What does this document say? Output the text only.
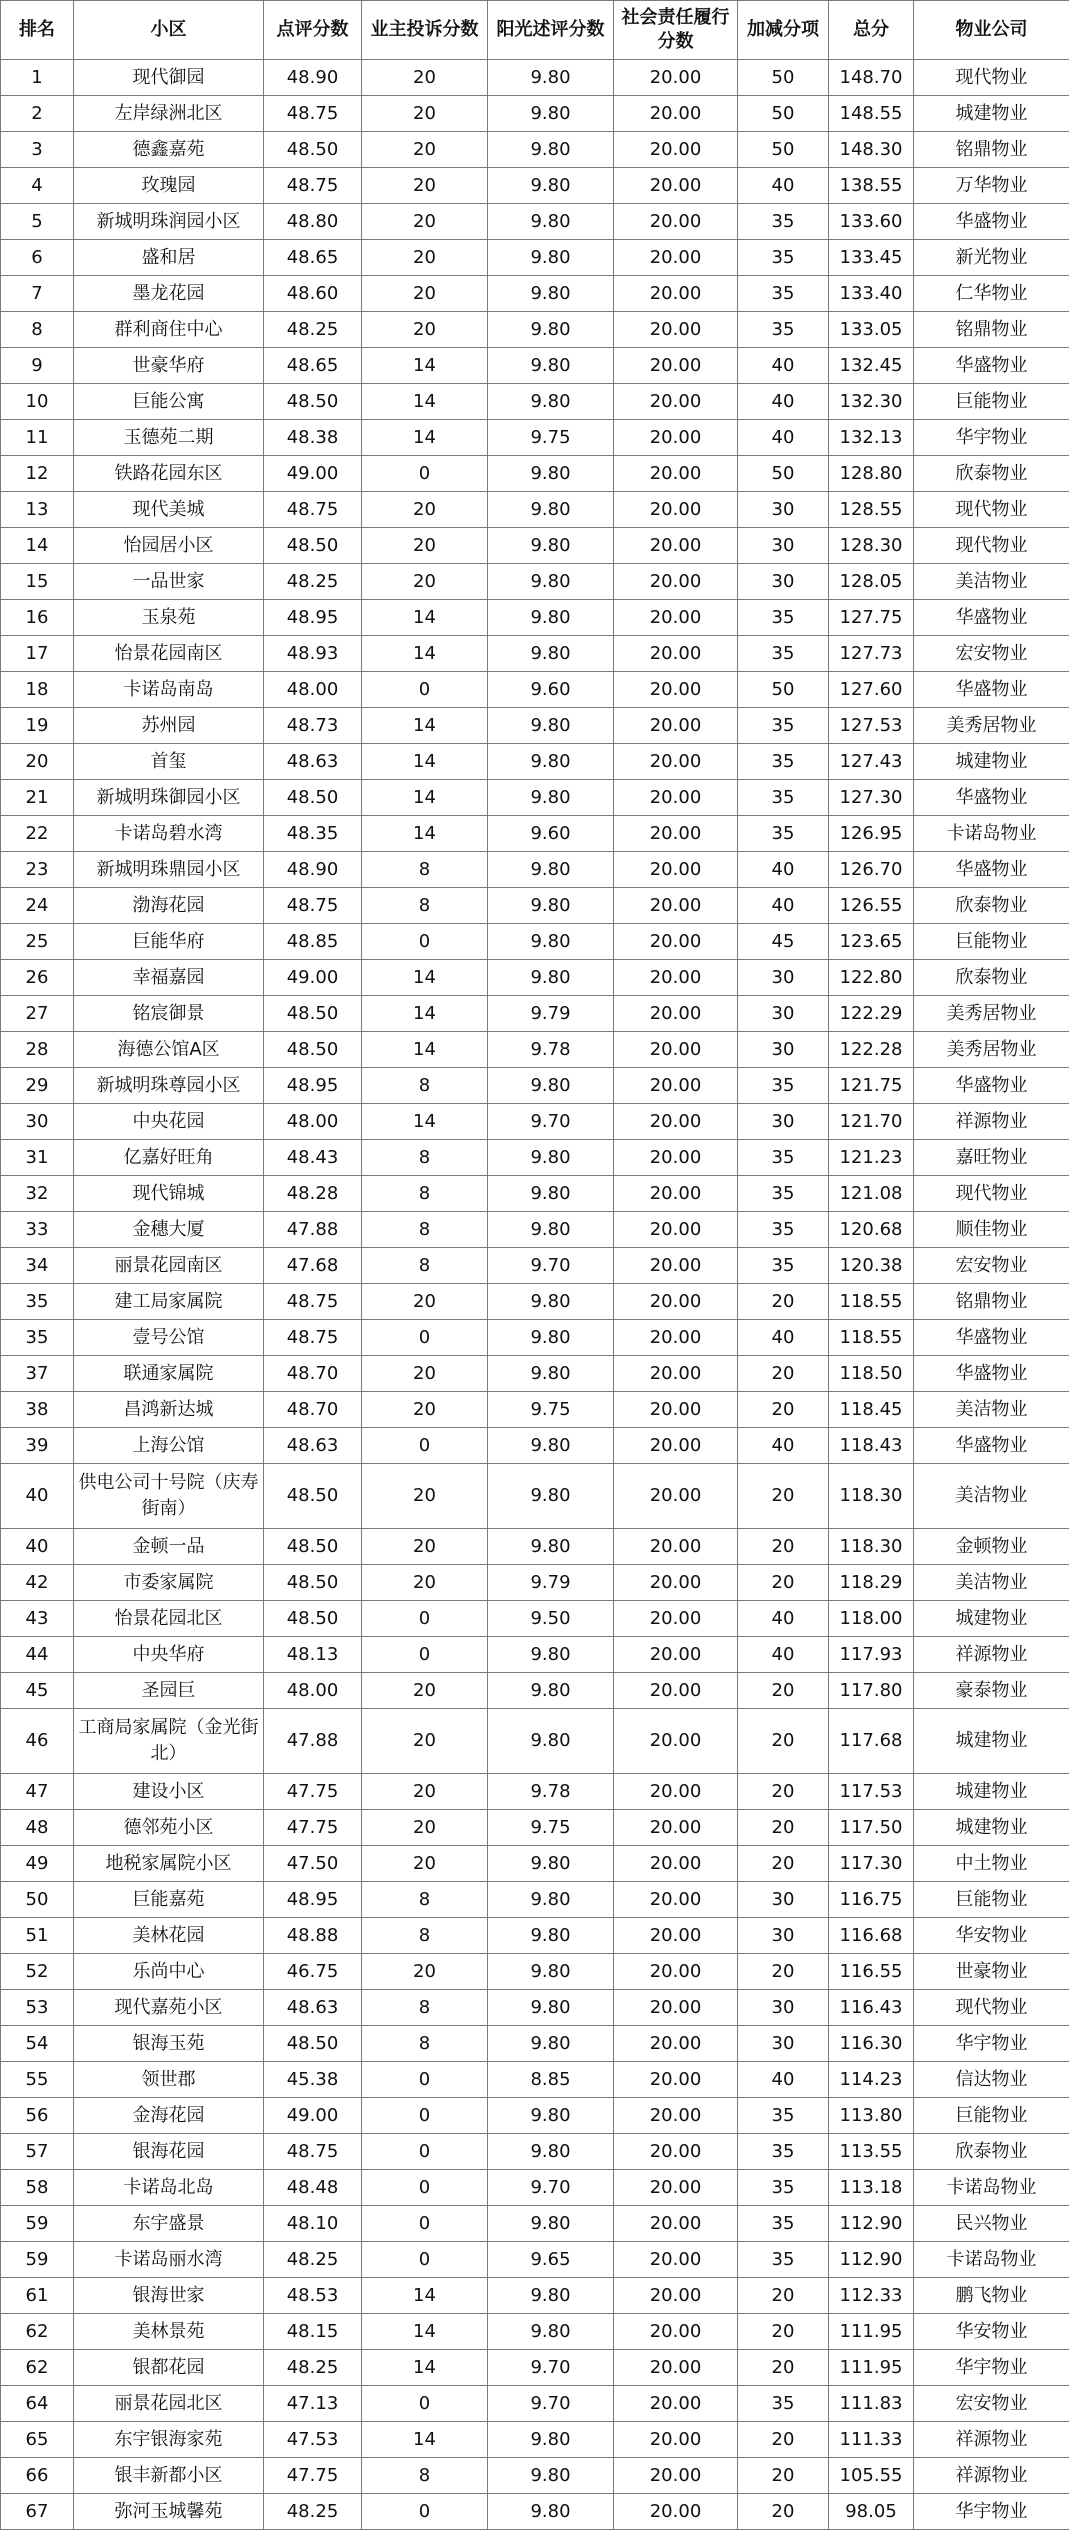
排名	小区	点评分数	业主投诉分数	阳光述评分数	社会责任履行分数	加减分项	总分	物业公司
1	现代御园	48.90	20	9.80	20.00	50	148.70	现代物业
2	左岸绿洲北区	48.75	20	9.80	20.00	50	148.55	城建物业
3	德鑫嘉苑	48.50	20	9.80	20.00	50	148.30	铭鼎物业
4	玫瑰园	48.75	20	9.80	20.00	40	138.55	万华物业
5	新城明珠润园小区	48.80	20	9.80	20.00	35	133.60	华盛物业
6	盛和居	48.65	20	9.80	20.00	35	133.45	新光物业
7	墨龙花园	48.60	20	9.80	20.00	35	133.40	仁华物业
8	群利商住中心	48.25	20	9.80	20.00	35	133.05	铭鼎物业
9	世豪华府	48.65	14	9.80	20.00	40	132.45	华盛物业
10	巨能公寓	48.50	14	9.80	20.00	40	132.30	巨能物业
11	玉德苑二期	48.38	14	9.75	20.00	40	132.13	华宇物业
12	铁路花园东区	49.00	0	9.80	20.00	50	128.80	欣泰物业
13	现代美城	48.75	20	9.80	20.00	30	128.55	现代物业
14	怡园居小区	48.50	20	9.80	20.00	30	128.30	现代物业
15	一品世家	48.25	20	9.80	20.00	30	128.05	美洁物业
16	玉泉苑	48.95	14	9.80	20.00	35	127.75	华盛物业
17	怡景花园南区	48.93	14	9.80	20.00	35	127.73	宏安物业
18	卡诺岛南岛	48.00	0	9.60	20.00	50	127.60	华盛物业
19	苏州园	48.73	14	9.80	20.00	35	127.53	美秀居物业
20	首玺	48.63	14	9.80	20.00	35	127.43	城建物业
21	新城明珠御园小区	48.50	14	9.80	20.00	35	127.30	华盛物业
22	卡诺岛碧水湾	48.35	14	9.60	20.00	35	126.95	卡诺岛物业
23	新城明珠鼎园小区	48.90	8	9.80	20.00	40	126.70	华盛物业
24	渤海花园	48.75	8	9.80	20.00	40	126.55	欣泰物业
25	巨能华府	48.85	0	9.80	20.00	45	123.65	巨能物业
26	幸福嘉园	49.00	14	9.80	20.00	30	122.80	欣泰物业
27	铭宸御景	48.50	14	9.79	20.00	30	122.29	美秀居物业
28	海德公馆A区	48.50	14	9.78	20.00	30	122.28	美秀居物业
29	新城明珠尊园小区	48.95	8	9.80	20.00	35	121.75	华盛物业
30	中央花园	48.00	14	9.70	20.00	30	121.70	祥源物业
31	亿嘉好旺角	48.43	8	9.80	20.00	35	121.23	嘉旺物业
32	现代锦城	48.28	8	9.80	20.00	35	121.08	现代物业
33	金穗大厦	47.88	8	9.80	20.00	35	120.68	顺佳物业
34	丽景花园南区	47.68	8	9.70	20.00	35	120.38	宏安物业
35	建工局家属院	48.75	20	9.80	20.00	20	118.55	铭鼎物业
35	壹号公馆	48.75	0	9.80	20.00	40	118.55	华盛物业
37	联通家属院	48.70	20	9.80	20.00	20	118.50	华盛物业
38	昌鸿新达城	48.70	20	9.75	20.00	20	118.45	美洁物业
39	上海公馆	48.63	0	9.80	20.00	40	118.43	华盛物业
40	供电公司十号院（庆寿街南）	48.50	20	9.80	20.00	20	118.30	美洁物业
40	金顿一品	48.50	20	9.80	20.00	20	118.30	金顿物业
42	市委家属院	48.50	20	9.79	20.00	20	118.29	美洁物业
43	怡景花园北区	48.50	0	9.50	20.00	40	118.00	城建物业
44	中央华府	48.13	0	9.80	20.00	40	117.93	祥源物业
45	圣园巨	48.00	20	9.80	20.00	20	117.80	豪泰物业
46	工商局家属院（金光街北）	47.88	20	9.80	20.00	20	117.68	城建物业
47	建设小区	47.75	20	9.78	20.00	20	117.53	城建物业
48	德邻苑小区	47.75	20	9.75	20.00	20	117.50	城建物业
49	地税家属院小区	47.50	20	9.80	20.00	20	117.30	中土物业
50	巨能嘉苑	48.95	8	9.80	20.00	30	116.75	巨能物业
51	美林花园	48.88	8	9.80	20.00	30	116.68	华安物业
52	乐尚中心	46.75	20	9.80	20.00	20	116.55	世豪物业
53	现代嘉苑小区	48.63	8	9.80	20.00	30	116.43	现代物业
54	银海玉苑	48.50	8	9.80	20.00	30	116.30	华宇物业
55	领世郡	45.38	0	8.85	20.00	40	114.23	信达物业
56	金海花园	49.00	0	9.80	20.00	35	113.80	巨能物业
57	银海花园	48.75	0	9.80	20.00	35	113.55	欣泰物业
58	卡诺岛北岛	48.48	0	9.70	20.00	35	113.18	卡诺岛物业
59	东宇盛景	48.10	0	9.80	20.00	35	112.90	民兴物业
59	卡诺岛丽水湾	48.25	0	9.65	20.00	35	112.90	卡诺岛物业
61	银海世家	48.53	14	9.80	20.00	20	112.33	鹏飞物业
62	美林景苑	48.15	14	9.80	20.00	20	111.95	华安物业
62	银都花园	48.25	14	9.70	20.00	20	111.95	华宇物业
64	丽景花园北区	47.13	0	9.70	20.00	35	111.83	宏安物业
65	东宇银海家苑	47.53	14	9.80	20.00	20	111.33	祥源物业
66	银丰新都小区	47.75	8	9.80	20.00	20	105.55	祥源物业
67	弥河玉城馨苑	48.25	0	9.80	20.00	20	98.05	华宇物业
